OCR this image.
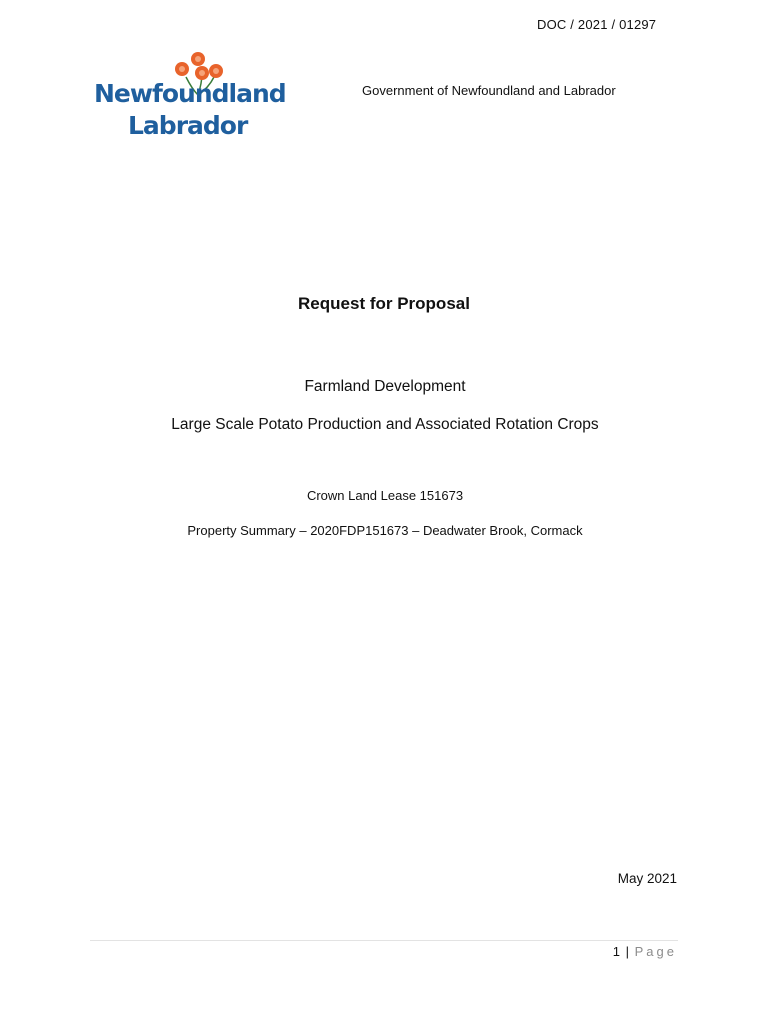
DOC / 2021 / 01297
Newfoundland
Labrador
Government of Newfoundland and Labrador
Request for Proposal
Farmland Development
Large Scale Potato Production and Associated Rotation Crops
Crown Land Lease 151673
Property Summary – 2020FDP151673 – Deadwater Brook, Cormack
May 2021
1 | Page
